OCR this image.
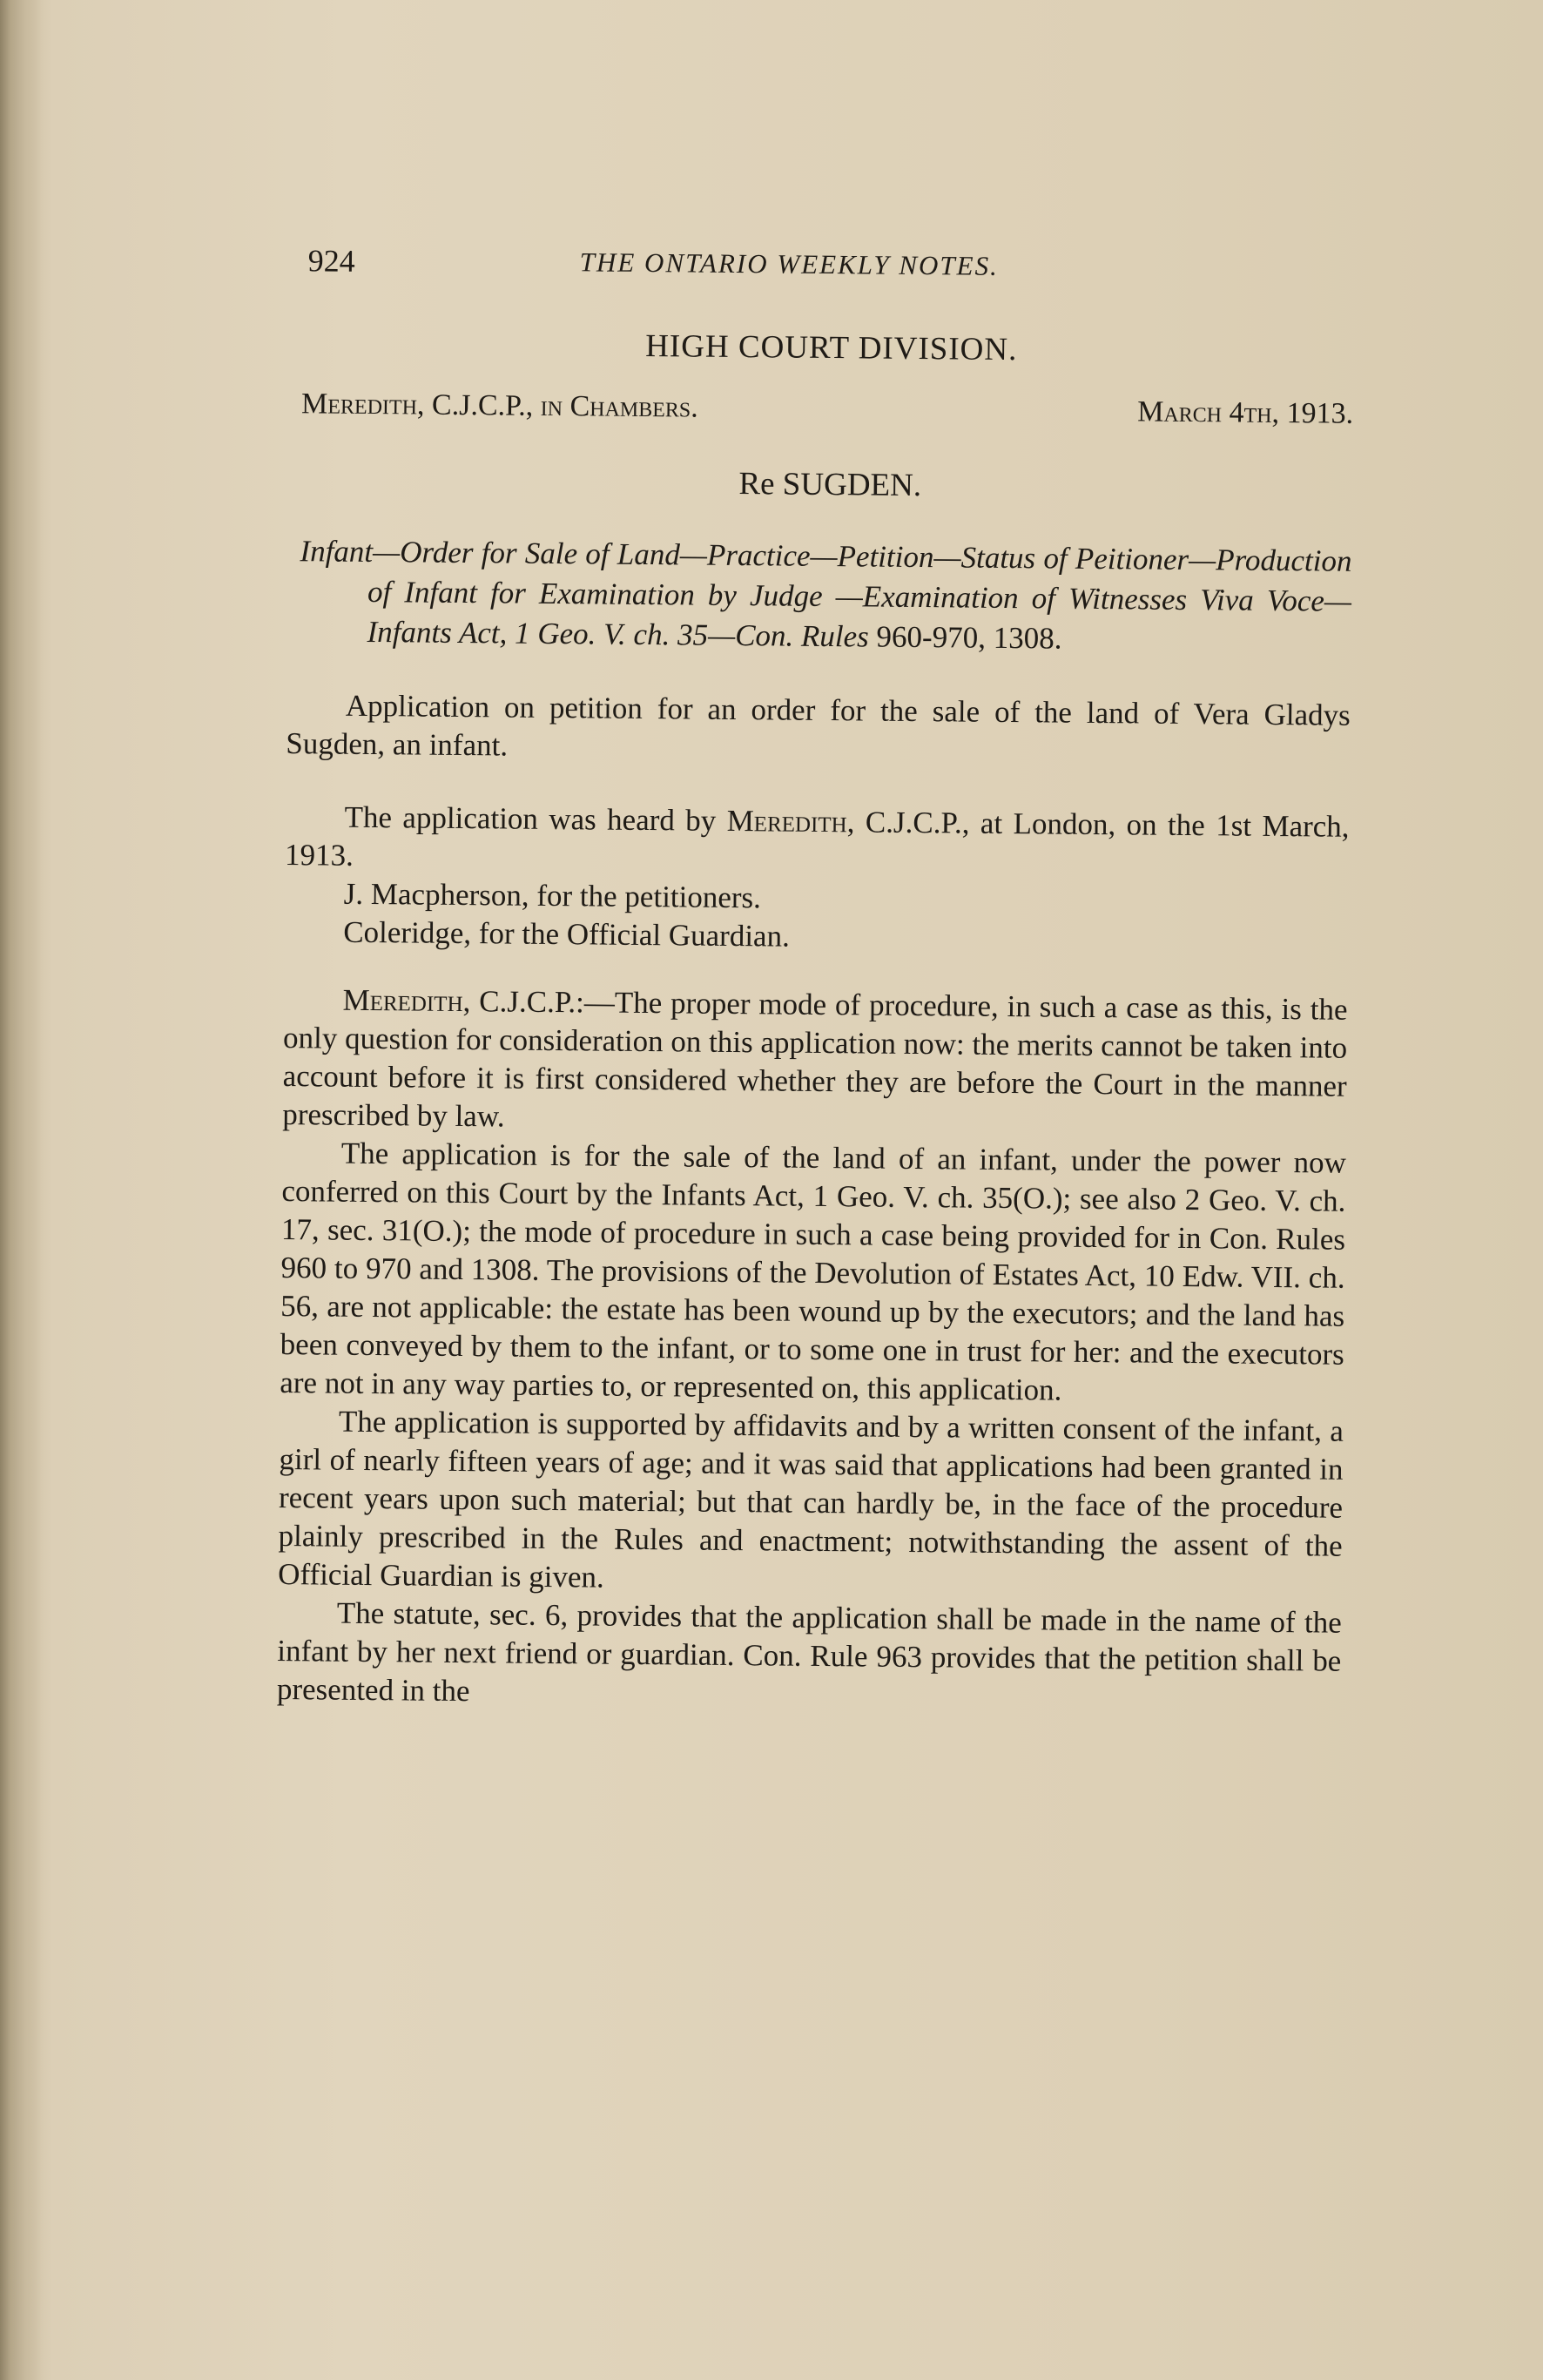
924	THE ONTARIO WEEKLY NOTES.
HIGH COURT DIVISION.
Meredith, C.J.C.P., in Chambers.	March 4th, 1913.
Re SUGDEN.
Infant—Order for Sale of Land—Practice—Petition—Status of Peitioner—Production of Infant for Examination by Judge —Examination of Witnesses Viva Voce—Infants Act, 1 Geo. V. ch. 35—Con. Rules 960-970, 1308.

Application on petition for an order for the sale of the land of Vera Gladys Sugden, an infant.

The application was heard by Meredith, C.J.C.P., at London, on the 1st March, 1913.

J. Macpherson, for the petitioners.
Coleridge, for the Official Guardian.

Meredith, C.J.C.P.:—The proper mode of procedure, in such a case as this, is the only question for consideration on this application now: the merits cannot be taken into account before it is first considered whether they are before the Court in the manner prescribed by law.

The application is for the sale of the land of an infant, under the power now conferred on this Court by the Infants Act, 1 Geo. V. ch. 35(O.); see also 2 Geo. V. ch. 17, sec. 31(O.); the mode of procedure in such a case being provided for in Con. Rules 960 to 970 and 1308. The provisions of the Devolution of Estates Act, 10 Edw. VII. ch. 56, are not applicable: the estate has been wound up by the executors; and the land has been conveyed by them to the infant, or to some one in trust for her: and the executors are not in any way parties to, or represented on, this application.

The application is supported by affidavits and by a written consent of the infant, a girl of nearly fifteen years of age; and it was said that applications had been granted in recent years upon such material; but that can hardly be, in the face of the procedure plainly prescribed in the Rules and enactment; notwithstanding the assent of the Official Guardian is given.

The statute, sec. 6, provides that the application shall be made in the name of the infant by her next friend or guardian. Con. Rule 963 provides that the petition shall be presented in the
